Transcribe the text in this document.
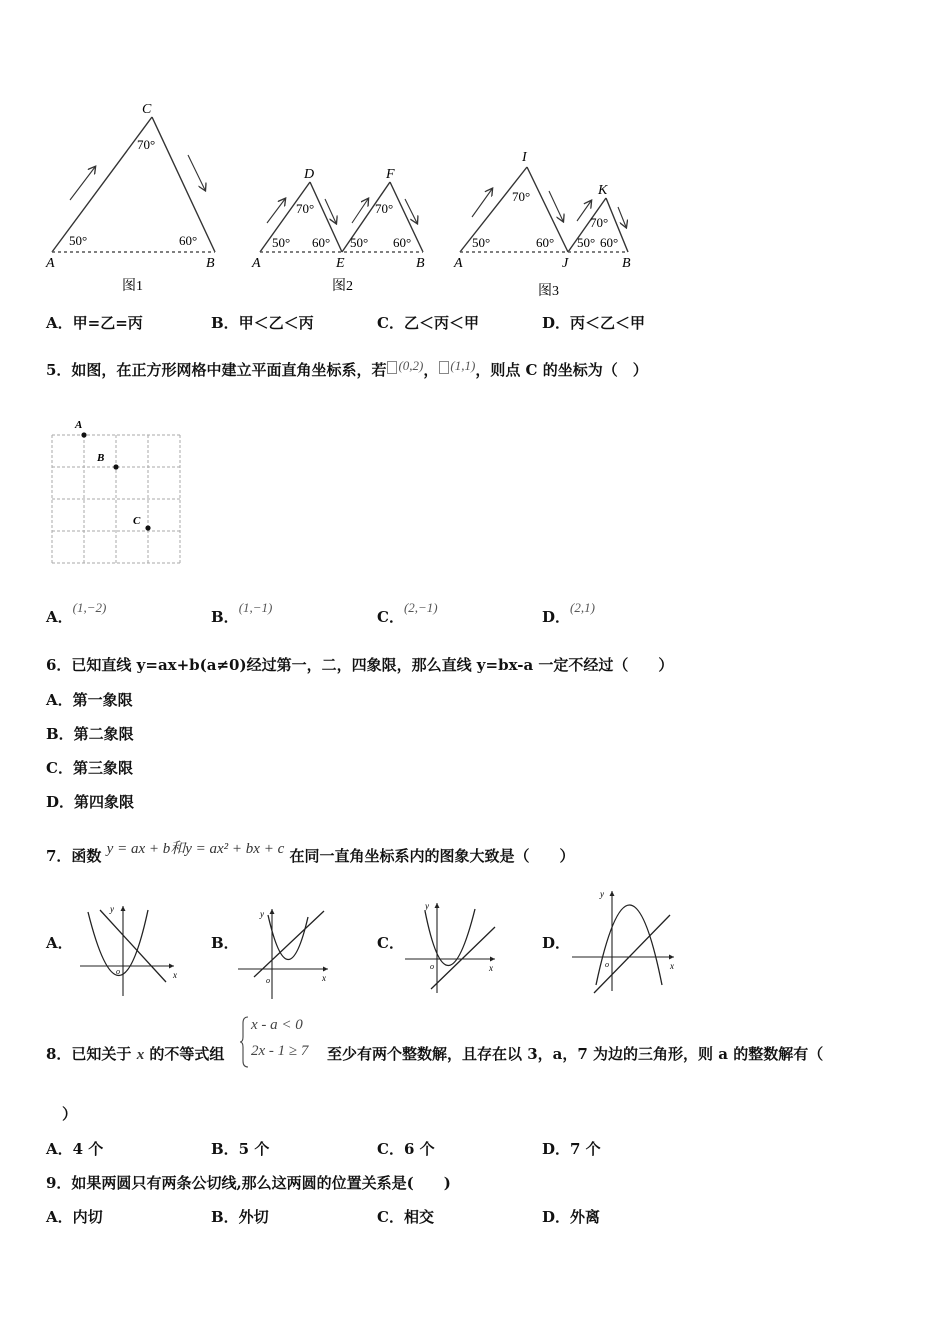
C
70°
50°	60°
A	B
图1
D	F
70°	70°
50° 60° 50° 60°
A	E	B
图2
I
K
70°
70°
50°	60° 50° 60°
A	J	B
图3
A．甲=乙=丙	B．甲＜乙＜丙	C．乙＜丙＜甲	D．丙＜乙＜甲
5．如图，在正方形网格中建立平面直角坐标系，若 (0,2)， (1,1)，则点 C 的坐标为（　）
A
B
C
A．(1,−2)
B．(1,−1)
C．(2,−1)
D．(2,1)
6．已知直线 y=ax+b(a≠0)经过第一，二，四象限，那么直线 y=bx-a 一定不经过（　　）
A．第一象限
B．第二象限
C．第三象限
D．第四象限
7．函数 y = ax + b和y = ax² + bx + c 在同一直角坐标系内的图象大致是（　　）
A．	B．	C．	D．
x
y
o
x
y
o
x
y
o	x
y
o
8．已知关于 x 的不等式组
x - a < 0
2x - 1 ≥ 7 至少有两个整数解，且存在以 3，a，7 为边的三角形，则 a 的整数解有（
）
A．4 个	B．5 个	C．6 个	D．7 个
9．如果两圆只有两条公切线,那么这两圆的位置关系是(　　)
A．内切	B．外切	C．相交	D．外离
